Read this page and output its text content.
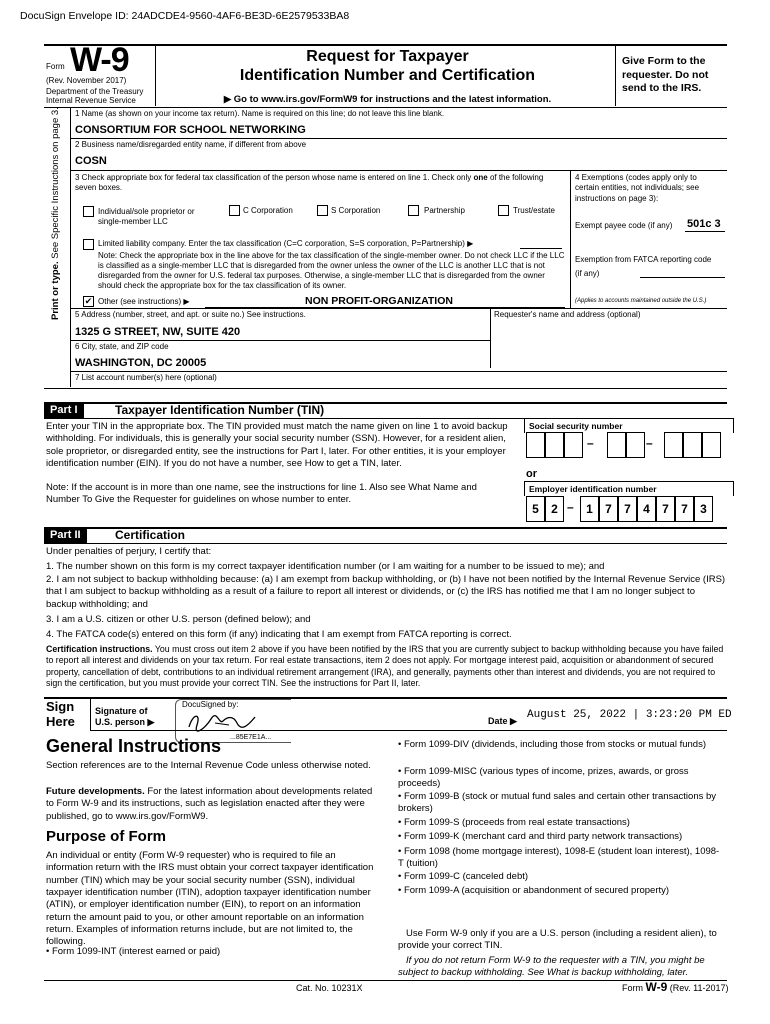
DocuSign Envelope ID: 24ADCDE4-9560-4AF6-BE3D-6E2579533BA8
Form W-9
(Rev. November 2017)
Department of the Treasury
Internal Revenue Service
Request for Taxpayer
Identification Number and Certification
▶ Go to www.irs.gov/FormW9 for instructions and the latest information.
Give Form to the requester. Do not send to the IRS.
Print or type. See Specific Instructions on page 3. 1 Name (as shown on your income tax return). Name is required on this line; do not leave this line blank.
CONSORTIUM FOR SCHOOL NETWORKING
2 Business name/disregarded entity name, if different from above
COSN
3 Check appropriate box for federal tax classification of the person whose name is entered on line 1. Check only one of the following seven boxes.
Individual/sole proprietor or single-member LLC
C Corporation	S Corporation	Partnership	Trust/estate
Limited liability company. Enter the tax classification (C=C corporation, S=S corporation, P=Partnership) ▶
Note: Check the appropriate box in the line above for the tax classification of the single-member owner. Do not check LLC if the LLC is classified as a single-member LLC that is disregarded from the owner unless the owner of the LLC is another LLC that is not disregarded from the owner for U.S. federal tax purposes. Otherwise, a single-member LLC that is disregarded from the owner should check the appropriate box for the tax classification of its owner.
✔ Other (see instructions) ▶	NON PROFIT-ORGANIZATION
4 Exemptions (codes apply only to certain entities, not individuals; see instructions on page 3):
Exempt payee code (if any) 501c 3
Exemption from FATCA reporting code (if any)
(Applies to accounts maintained outside the U.S.)
5 Address (number, street, and apt. or suite no.) See instructions.	Requester's name and address (optional)
1325 G STREET, NW, SUITE 420
6 City, state, and ZIP code
WASHINGTON, DC 20005
7 List account number(s) here (optional)
Part I	Taxpayer Identification Number (TIN)
Enter your TIN in the appropriate box. The TIN provided must match the name given on line 1 to avoid backup withholding. For individuals, this is generally your social security number (SSN). However, for a resident alien, sole proprietor, or disregarded entity, see the instructions for Part I, later. For other entities, it is your employer identification number (EIN). If you do not have a number, see How to get a TIN, later.
Note: If the account is in more than one name, see the instructions for line 1. Also see What Name and Number To Give the Requester for guidelines on whose number to enter.
Social security number
–	–
or
Employer identification number
5	2	1	7	7	4	7	7	3
–
Part II	Certification
Under penalties of perjury, I certify that:
1. The number shown on this form is my correct taxpayer identification number (or I am waiting for a number to be issued to me); and
2. I am not subject to backup withholding because: (a) I am exempt from backup withholding, or (b) I have not been notified by the Internal Revenue Service (IRS) that I am subject to backup withholding as a result of a failure to report all interest or dividends, or (c) the IRS has notified me that I am no longer subject to backup withholding; and
3. I am a U.S. citizen or other U.S. person (defined below); and
4. The FATCA code(s) entered on this form (if any) indicating that I am exempt from FATCA reporting is correct.
Certification instructions. You must cross out item 2 above if you have been notified by the IRS that you are currently subject to backup withholding because you have failed to report all interest and dividends on your tax return. For real estate transactions, item 2 does not apply. For mortgage interest paid, acquisition or abandonment of secured property, cancellation of debt, contributions to an individual retirement arrangement (IRA), and generally, payments other than interest and dividends, you are not required to sign the certification, but you must provide your correct TIN. See the instructions for Part II, later.
Sign Here
Signature of U.S. person ▶
DocuSigned by:
...85E7E1A...
Date ▶ August 25, 2022 | 3:23:20 PM ED
General Instructions
Section references are to the Internal Revenue Code unless otherwise noted.
Future developments. For the latest information about developments related to Form W-9 and its instructions, such as legislation enacted after they were published, go to www.irs.gov/FormW9.
Purpose of Form
An individual or entity (Form W-9 requester) who is required to file an information return with the IRS must obtain your correct taxpayer identification number (TIN) which may be your social security number (SSN), individual taxpayer identification number (ITIN), adoption taxpayer identification number (ATIN), or employer identification number (EIN), to report on an information return the amount paid to you, or other amount reportable on an information return. Examples of information returns include, but are not limited to, the following.
• Form 1099-INT (interest earned or paid)
• Form 1099-DIV (dividends, including those from stocks or mutual funds)
• Form 1099-MISC (various types of income, prizes, awards, or gross proceeds)
• Form 1099-B (stock or mutual fund sales and certain other transactions by brokers)
• Form 1099-S (proceeds from real estate transactions)
• Form 1099-K (merchant card and third party network transactions)
• Form 1098 (home mortgage interest), 1098-E (student loan interest), 1098-T (tuition)
• Form 1099-C (canceled debt)
• Form 1099-A (acquisition or abandonment of secured property)
Use Form W-9 only if you are a U.S. person (including a resident alien), to provide your correct TIN.
If you do not return Form W-9 to the requester with a TIN, you might be subject to backup withholding. See What is backup withholding, later.
Cat. No. 10231X	Form W-9 (Rev. 11-2017)
